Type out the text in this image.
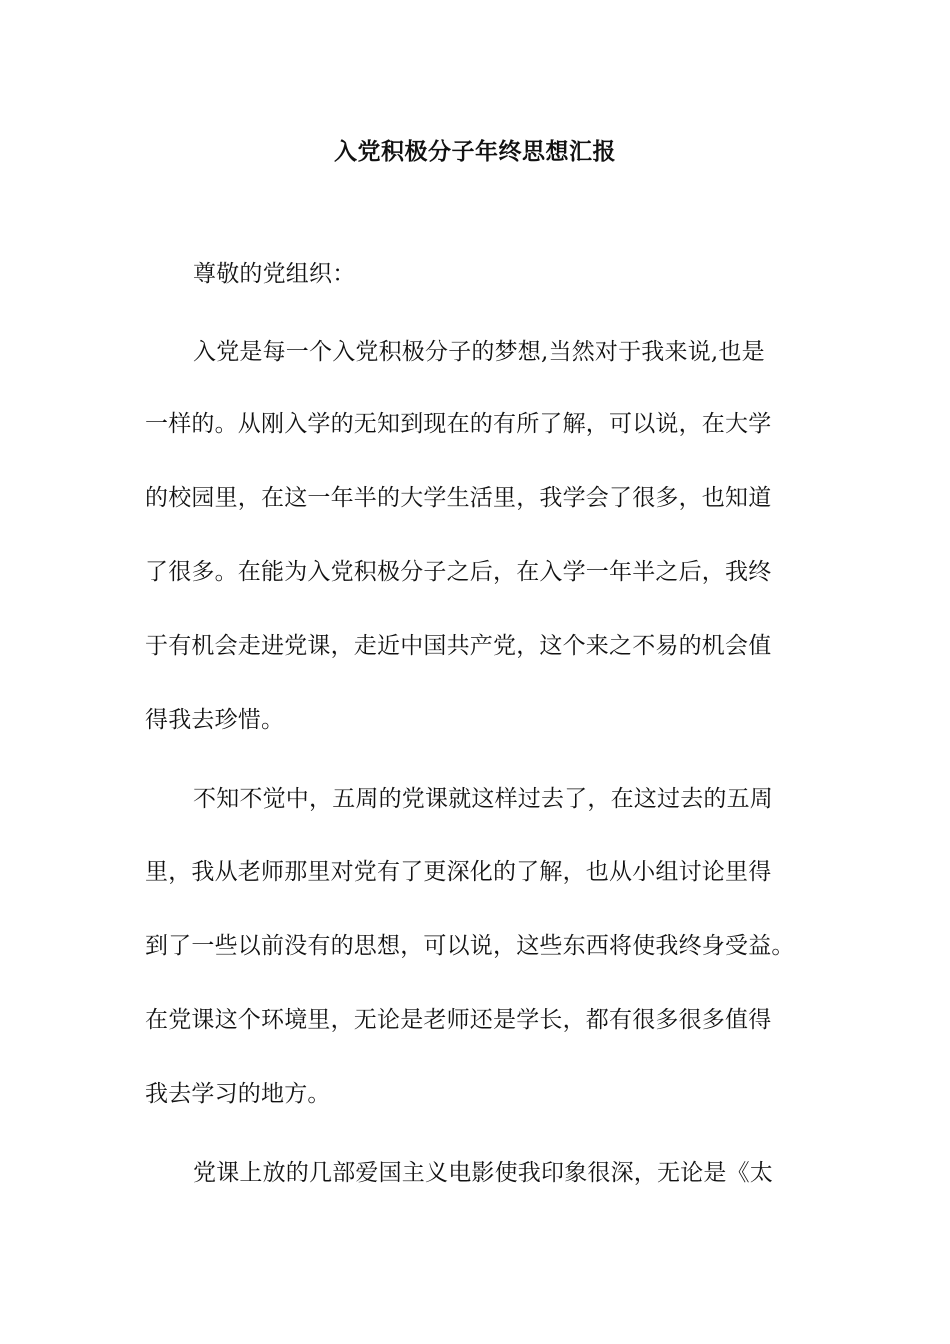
入党积极分子年终思想汇报
尊敬的党组织：
入党是每一个入党积极分子的梦想,当然对于我来说,也是
一样的。从刚入学的无知到现在的有所了解，可以说，在大学
的校园里，在这一年半的大学生活里，我学会了很多，也知道
了很多。在能为入党积极分子之后，在入学一年半之后，我终
于有机会走进党课，走近中国共产党，这个来之不易的机会值
得我去珍惜。
不知不觉中，五周的党课就这样过去了，在这过去的五周
里，我从老师那里对党有了更深化的了解，也从小组讨论里得
到了一些以前没有的思想，可以说，这些东西将使我终身受益。
在党课这个环境里，无论是老师还是学长，都有很多很多值得
我去学习的地方。
党课上放的几部爱国主义电影使我印象很深，无论是《太
